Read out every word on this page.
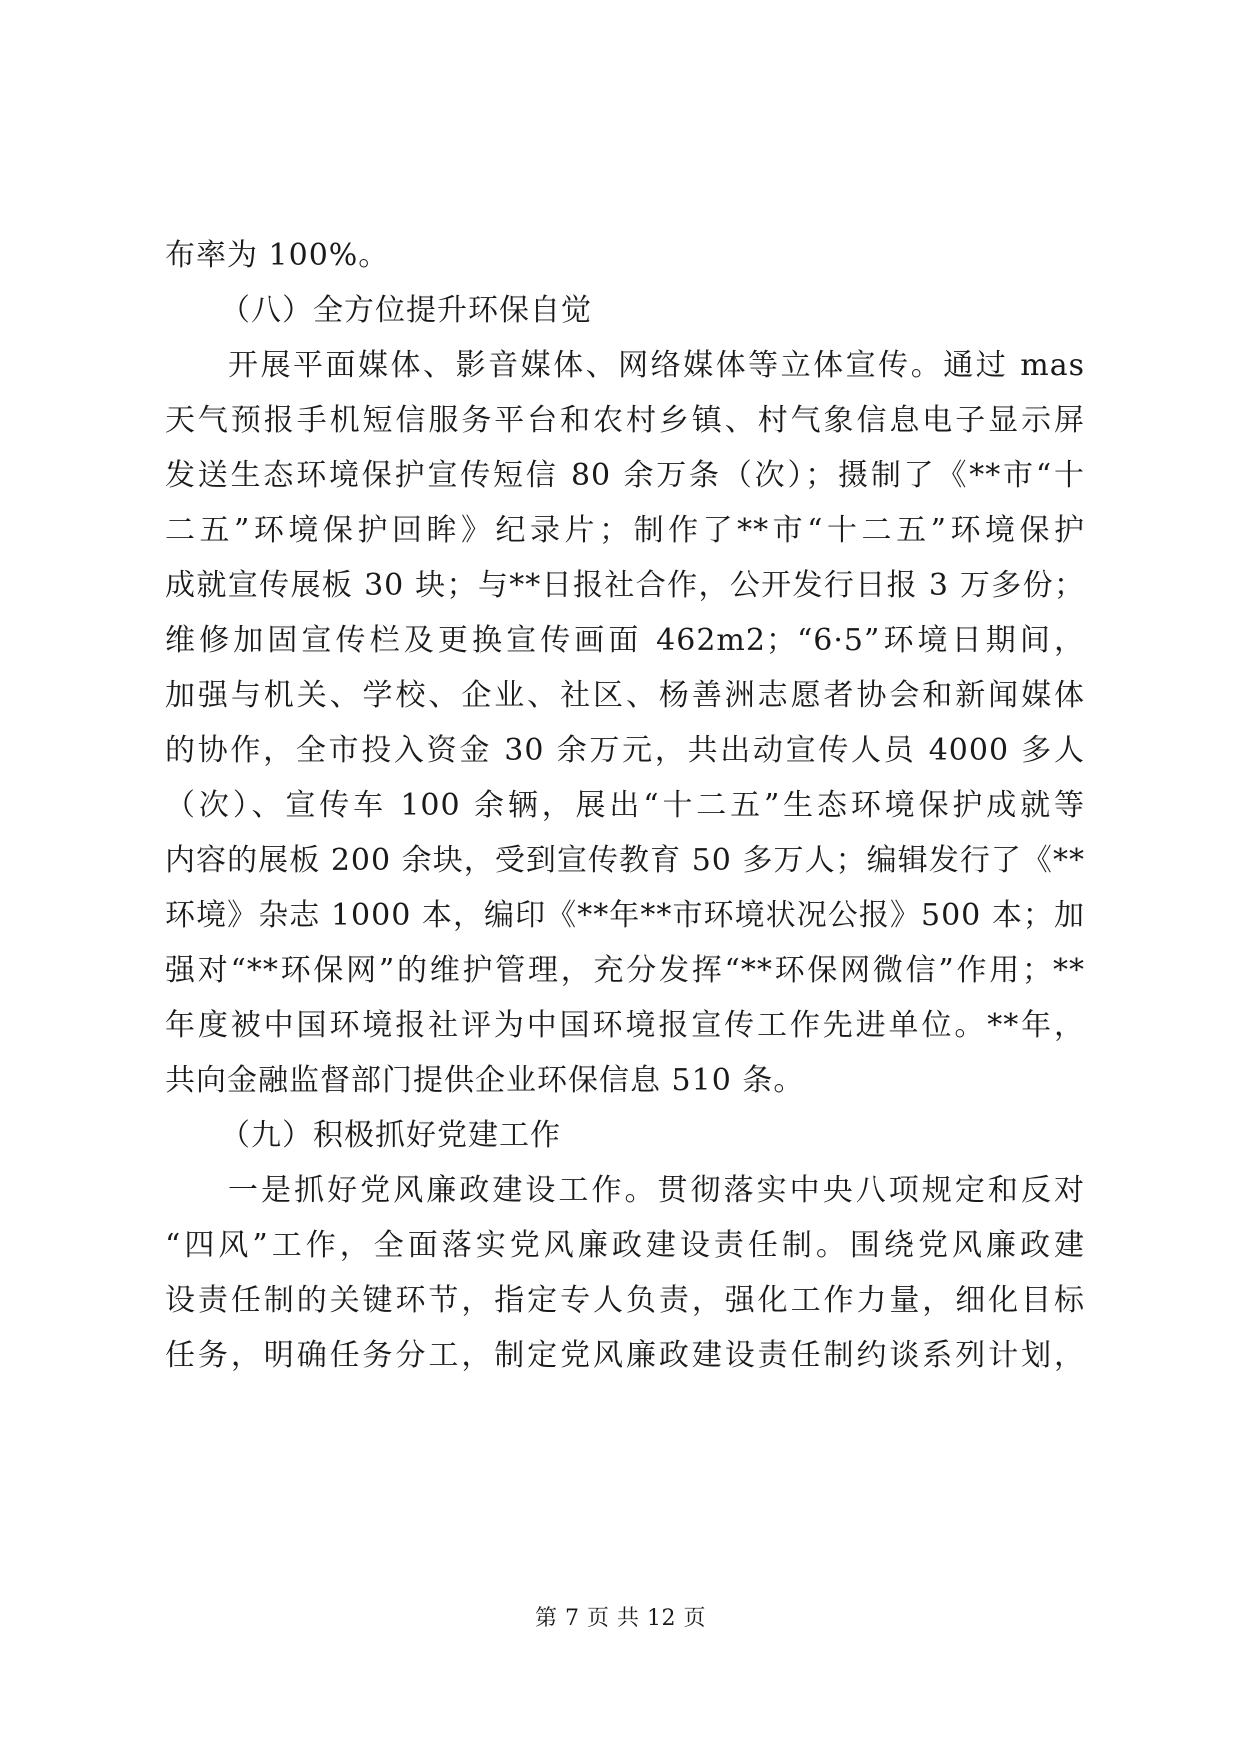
布率为 100%。
（八）全方位提升环保自觉
开展平面媒体、影音媒体、网络媒体等立体宣传。通过 mas
天气预报手机短信服务平台和农村乡镇、村气象信息电子显示屏
发送生态环境保护宣传短信 80 余万条（次）；摄制了《**市“十
二五”环境保护回眸》纪录片；制作了**市“十二五”环境保护
成就宣传展板 30 块；与**日报社合作，公开发行日报 3 万多份；
维修加固宣传栏及更换宣传画面 462m2；“6·5”环境日期间，
加强与机关、学校、企业、社区、杨善洲志愿者协会和新闻媒体
的协作，全市投入资金 30 余万元，共出动宣传人员 4000 多人
（次）、宣传车 100 余辆，展出“十二五”生态环境保护成就等
内容的展板 200 余块，受到宣传教育 50 多万人；编辑发行了《**
环境》杂志 1000 本，编印《**年**市环境状况公报》500 本；加
强对“**环保网”的维护管理，充分发挥“**环保网微信”作用；**
年度被中国环境报社评为中国环境报宣传工作先进单位。**年，
共向金融监督部门提供企业环保信息 510 条。
（九）积极抓好党建工作
一是抓好党风廉政建设工作。贯彻落实中央八项规定和反对
“四风”工作，全面落实党风廉政建设责任制。围绕党风廉政建
设责任制的关键环节，指定专人负责，强化工作力量，细化目标
任务，明确任务分工，制定党风廉政建设责任制约谈系列计划，
第 7 页 共 12 页
